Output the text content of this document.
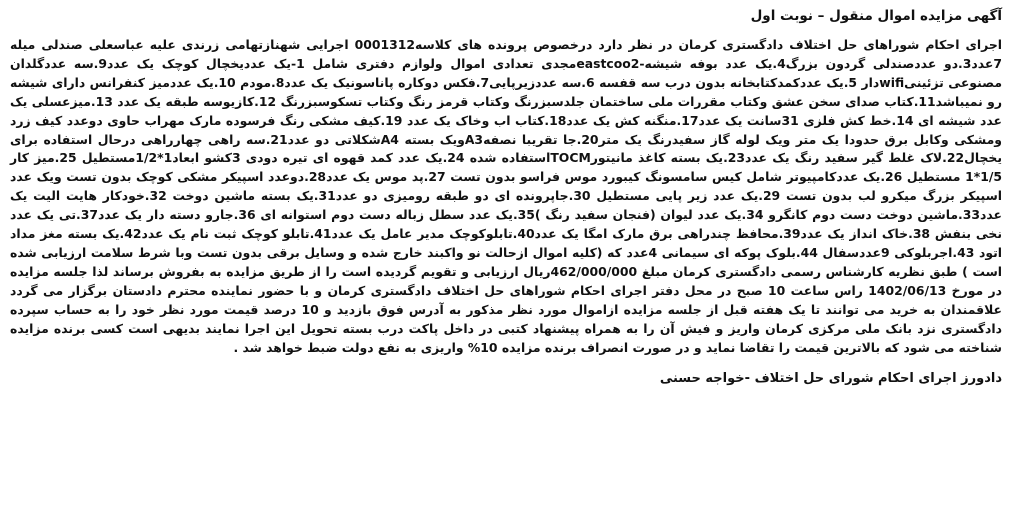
آگهی مزایده اموال منقول – نوبت اول

اجرای احکام شوراهای حل اختلاف دادگستری کرمان در نظر دارد درخصوص پرونده های کلاسه0001312 اجرایی شهنازتهامی زرندی علیه عباسعلی صندلی میله 7عدد3.دو عددصندلی گردون بزرگ4.یک عدد بوفه شیشه-eastcoo2مجدی تعدادی اموال ولوازم دفتری شامل 1-یک عددیخچال کوچک یک عدد9.سه عددگلدان مصنوعی تزئینیwifiدار 5.یک عددکمدکتابخانه بدون درب سه قفسه 6.سه عددزیرپایی7.فکس دوکاره پاناسونیک یک عدد8.مودم 10.یک عددمیز کنفرانس دارای شیشه رو نمیباشد11.کتاب صدای سخن عشق وکتاب مقررات ملی ساختمان جلدسبزرنگ وکتاب قرمز رنگ وکتاب تسکوسبزرنگ 12.کازیوسه طبقه یک عدد 13.میزعسلی یک عدد شیشه ای 14.خط کش فلزی 31سانت یک عدد17.منگنه کش یک عدد18.کتاب اب وخاک یک عدد 19.کیف مشکی رنگ فرسوده مارک مهراب حاوی دوعدد کیف زرد ومشکی وکابل برق حدودا یک متر ویک لوله گاز سفیدرنگ یک متر20.جا تقریبا نصفهA3ویک بسته A4شکلاتی دو عدد21.سه راهی چهارراهی درحال استفاده برای یخچال22.لاک غلط گیر سفید رنگ یک عدد23.یک بسته کاغذ مانیتورTOCMاستفاده شده 24.یک عدد کمد قهوه ای تیره دودی 3کشو ابعاد1*1/2مستطیل 25.میز کار 1/5*1 مستطیل 26.یک عددکامپیوتر شامل کیس سامسونگ کیبورد موس فراسو بدون تست 27.پد موس یک عدد28.دوعدد اسپیکر مشکی کوچک بدون تست ویک عدد اسپیکر بزرگ میکرو لب بدون تست 29.یک عدد زیر پایی مستطیل 30.جاپرونده ای دو طبقه رومیزی دو عدد31.یک بسته ماشین دوخت 32.خودکار هایت الیت یک عدد33.ماشین دوخت دست دوم کانگرو 34.یک عدد لیوان (فنجان سفید رنگ )35.یک عدد سطل زباله دست دوم استوانه ای 36.جارو دسته دار یک عدد37.تی یک عدد نخی بنفش 38.خاک انداز یک عدد39.محافظ چندراهی برق مارک امگا یک عدد40.تابلوکوچک مدیر عامل یک عدد41.تابلو کوچک ثبت نام یک عدد42.یک بسته مغز مداد اتود 43.اجربلوکی 9عددسفال 44.بلوک پوکه ای سیمانی 4عدد که (کلیه اموال ازحالت نو واکبند خارج شده و وسایل برقی بدون تست وبا شرط سلامت ارزیابی شده است ) طبق نظریه کارشناس رسمی دادگستری کرمان مبلغ 462/000/000ریال ارزیابی و تقویم گردیده است را از طریق مزایده به بفروش برساند لذا جلسه مزایده در مورخ 1402/06/13 راس ساعت 10 صبح در محل دفتر اجرای احکام شوراهای حل اختلاف دادگستری کرمان و با حضور نماینده محترم دادستان برگزار می گردد علاقمندان به خرید می توانند تا یک هفته قبل از جلسه مزایده ازاموال مورد نظر مذکور به آدرس فوق بازدید و 10 درصد قیمت مورد نظر خود را به حساب سپرده دادگستری نزد بانک ملی مرکزی کرمان واریز و فیش آن را به همراه پیشنهاد کتبی در داخل پاکت درب بسته تحویل این اجرا نمایند بدیهی است کسی برنده مزایده شناخته می شود که بالاترین قیمت را تقاضا نماید و در صورت انصراف برنده مزایده 10% واریزی به نفع دولت ضبط خواهد شد .

دادورز اجرای احکام شورای حل اختلاف -خواجه حسنی
